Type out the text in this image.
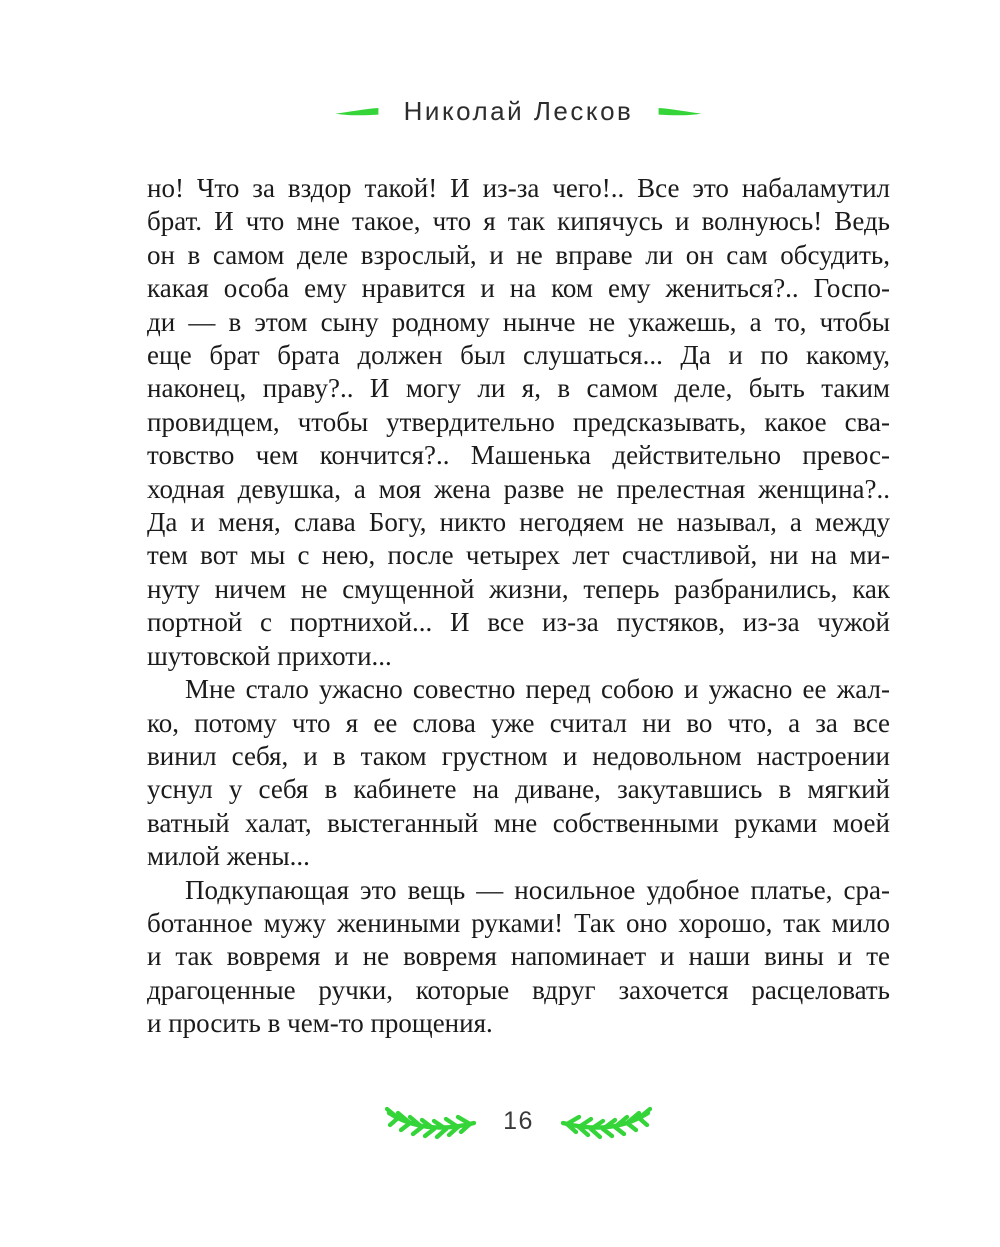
Николай Лесков
но! Что за вздор такой! И из-за чего!.. Все это набаламутил
брат. И что мне такое, что я так кипячусь и волнуюсь! Ведь
он в самом деле взрослый, и не вправе ли он сам обсудить,
какая особа ему нравится и на ком ему жениться?.. Госпо-
ди — в этом сыну родному нынче не укажешь, а то, чтобы
еще брат брата должен был слушаться... Да и по какому,
наконец, праву?.. И могу ли я, в самом деле, быть таким
провидцем, чтобы утвердительно предсказывать, какое сва-
товство чем кончится?.. Машенька действительно превос-
ходная девушка, а моя жена разве не прелестная женщина?..
Да и меня, слава Богу, никто негодяем не называл, а между
тем вот мы с нею, после четырех лет счастливой, ни на ми-
нуту ничем не смущенной жизни, теперь разбранились, как
портной с портнихой... И все из-за пустяков, из-за чужой
шутовской прихоти...
Мне стало ужасно совестно перед собою и ужасно ее жал-
ко, потому что я ее слова уже считал ни во что, а за все
винил себя, и в таком грустном и недовольном настроении
уснул у себя в кабинете на диване, закутавшись в мягкий
ватный халат, выстеганный мне собственными руками моей
милой жены...
Подкупающая это вещь — носильное удобное платье, сра-
ботанное мужу жениными руками! Так оно хорошо, так мило
и так вовремя и не вовремя напоминает и наши вины и те
драгоценные ручки, которые вдруг захочется расцеловать
и просить в чем-то прощения.
16
